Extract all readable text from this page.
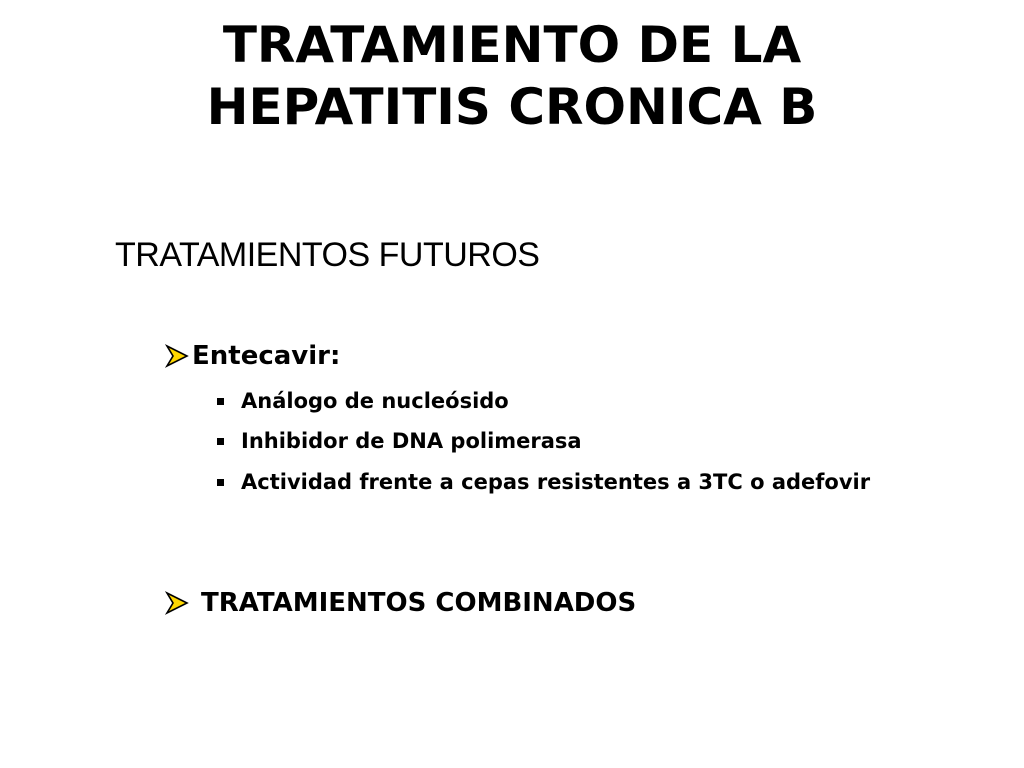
TRATAMIENTO DE LA
HEPATITIS CRONICA B
TRATAMIENTOS FUTUROS
Entecavir:
Análogo de nucleósido
Inhibidor de DNA polimerasa
Actividad frente a cepas resistentes a 3TC o adefovir
TRATAMIENTOS COMBINADOS
